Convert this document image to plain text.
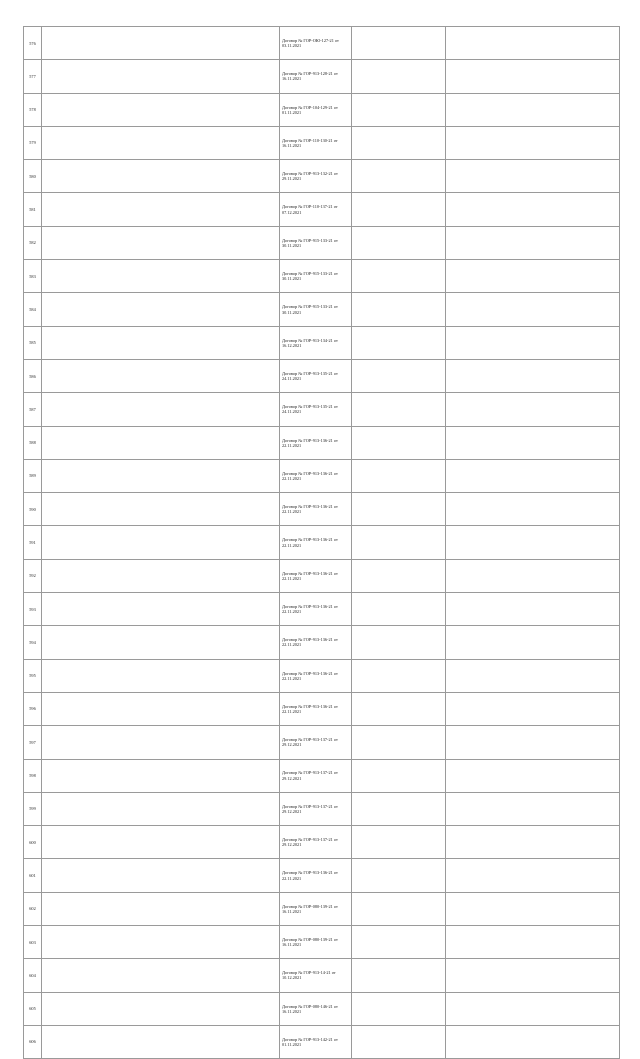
576		Договор № ГОР-ОЮ-127-21 от 03.11.2021		
577		Договор № ГОР-913-128-21 от 16.11.2021		
578		Договор № ГОР-104-129-21 от 01.11.2021		
579		Договор № ГОР-110-130-21 от 16.11.2021		
580		Договор № ГОР-913-132-21 от 29.11.2021		
581		Договор № ГОР-110-137-21 от 07.12.2021		
582		Договор № ГОР-915-133-21 от 30.11.2021		
583		Договор № ГОР-915-133-21 от 30.11.2021		
584		Договор № ГОР-915-133-21 от 30.11.2021		
585		Договор № ГОР-913-134-21 от 16.12.2021		
586		Договор № ГОР-913-135-21 от 24.11.2021		
587		Договор № ГОР-913-135-21 от 24.11.2021		
588		Договор № ГОР-913-136-21 от 22.11.2021		
589		Договор № ГОР-913-136-21 от 22.11.2021		
590		Договор № ГОР-913-136-21 от 22.11.2021		
591		Договор № ГОР-913-136-21 от 22.11.2021		
592		Договор № ГОР-913-136-21 от 22.11.2021		
593		Договор № ГОР-913-136-21 от 22.11.2021		
594		Договор № ГОР-913-136-21 от 22.11.2021		
595		Договор № ГОР-913-136-21 от 22.11.2021		
596		Договор № ГОР-913-136-21 от 22.11.2021		
597		Договор № ГОР-913-137-21 от 29.12.2021		
598		Договор № ГОР-913-137-21 от 29.12.2021		
599		Договор № ГОР-913-137-21 от 29.12.2021		
600		Договор № ГОР-913-137-21 от 29.12.2021		
601		Договор № ГОР-913-136-21 от 22.11.2021		
602		Договор № ГОР-080-139-21 от 16.11.2021		
603		Договор № ГОР-080-139-21 от 16.11.2021		
604		Договор № ГОР-913-14-21 от 10.12.2021		
605		Договор № ГОР-080-146-21 от 16.11.2021		
606		Договор № ГОР-913-142-21 от 01.11.2021		
